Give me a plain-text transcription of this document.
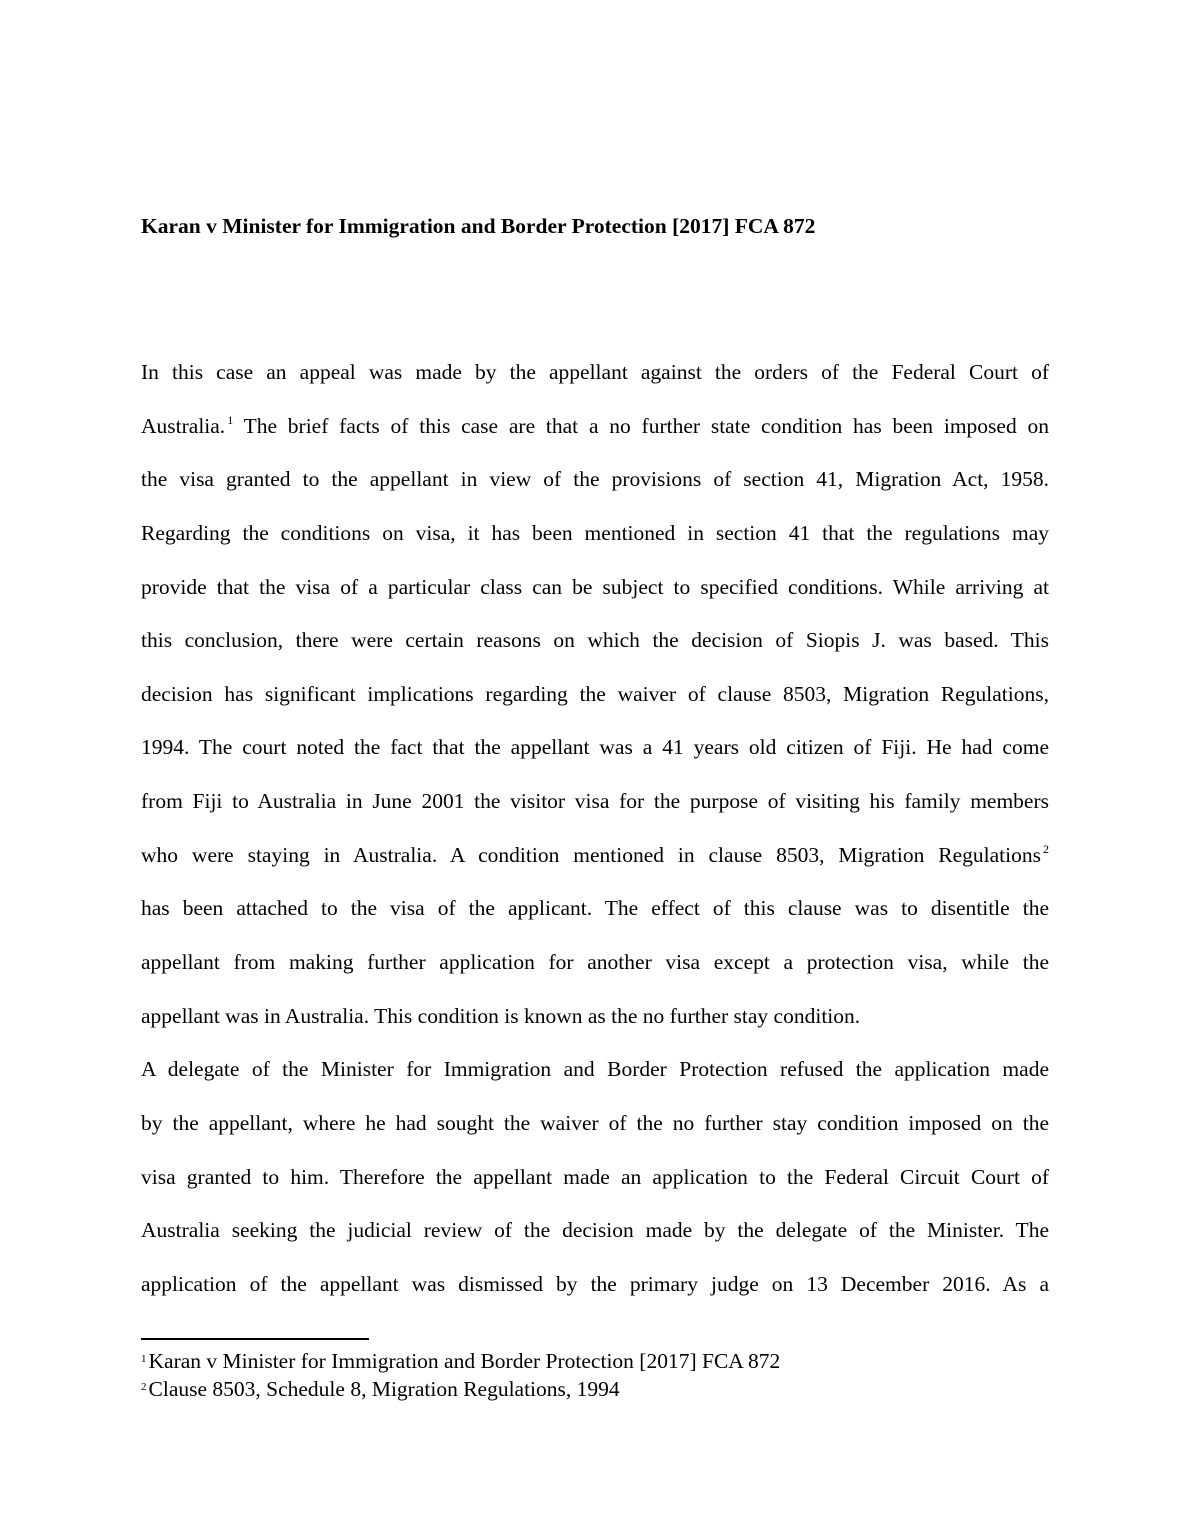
Karan v Minister for Immigration and Border Protection [2017] FCA 872
In this case an appeal was made by the appellant against the orders of the Federal Court of
Australia. $^1$ The brief facts of this case are that a no further state condition has been imposed on
the visa granted to the appellant in view of the provisions of section 41, Migration Act, 1958.
Regarding the conditions on visa, it has been mentioned in section 41 that the regulations may
provide that the visa of a particular class can be subject to specified conditions. While arriving at
this conclusion, there were certain reasons on which the decision of Siopis J. was based. This
decision has significant implications regarding the waiver of clause 8503, Migration Regulations,
1994. The court noted the fact that the appellant was a 41 years old citizen of Fiji. He had come
from Fiji to Australia in June 2001 the visitor visa for the purpose of visiting his family members
who were staying in Australia. A condition mentioned in clause 8503, Migration Regulations $^2$
has been attached to the visa of the applicant. The effect of this clause was to disentitle the
appellant from making further application for another visa except a protection visa, while the
appellant was in Australia. This condition is known as the no further stay condition.
A delegate of the Minister for Immigration and Border Protection refused the application made
by the appellant, where he had sought the waiver of the no further stay condition imposed on the
visa granted to him. Therefore the appellant made an application to the Federal Circuit Court of
Australia seeking the judicial review of the decision made by the delegate of the Minister. The
application of the appellant was dismissed by the primary judge on 13 December 2016. As a
$^1$Karan v Minister for Immigration and Border Protection [2017] FCA 872
$^2$Clause 8503, Schedule 8, Migration Regulations, 1994
